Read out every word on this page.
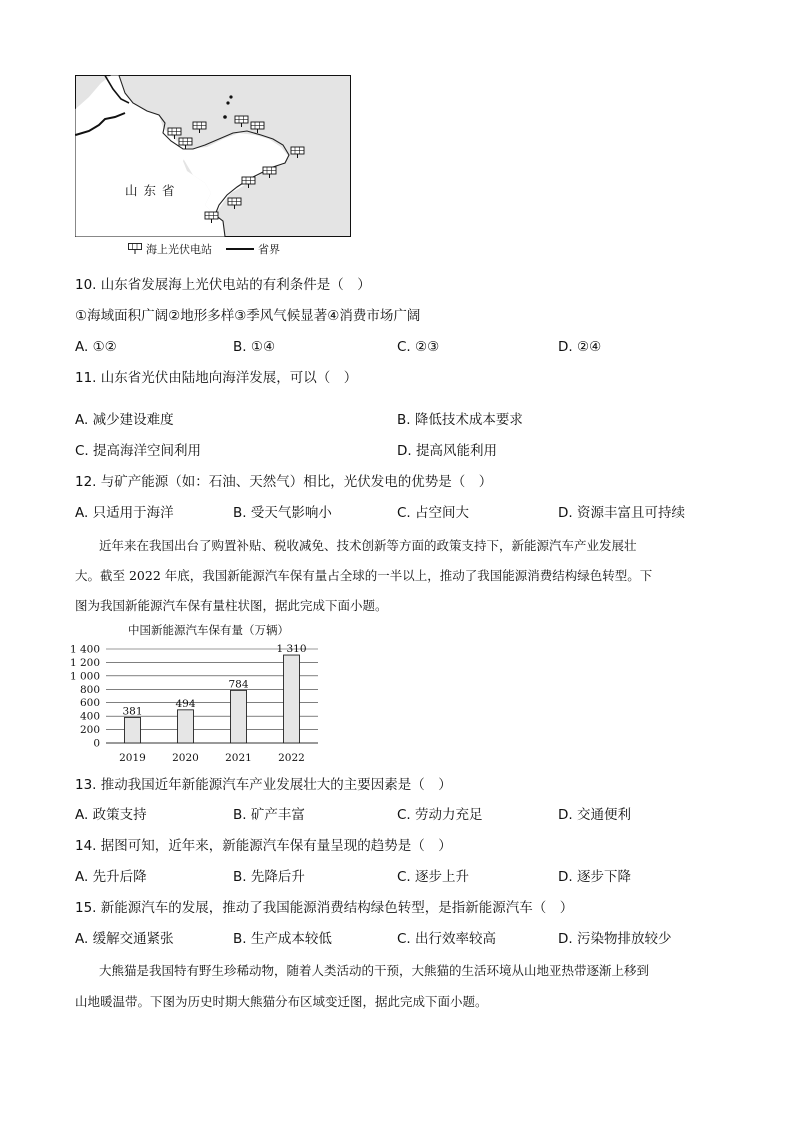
山 东 省
海上光伏电站	省界
10. 山东省发展海上光伏电站的有利条件是（　）
①海域面积广阔②地形多样③季风气候显著④消费市场广阔
A. ①②	B. ①④	C. ②③	D. ②④
11. 山东省光伏由陆地向海洋发展，可以（　）
A. 减少建设难度	B. 降低技术成本要求
C. 提高海洋空间利用	D. 提高风能利用
12. 与矿产能源（如：石油、天然气）相比，光伏发电的优势是（　）
A. 只适用于海洋	B. 受天气影响小	C. 占空间大	D. 资源丰富且可持续
近年来在我国出台了购置补贴、税收减免、技术创新等方面的政策支持下，新能源汽车产业发展壮
大。截至 2022 年底，我国新能源汽车保有量占全球的一半以上，推动了我国能源消费结构绿色转型。下
图为我国新能源汽车保有量柱状图，据此完成下面小题。
中国新能源汽车保有量（万辆）
0
200
400
600
800
1 000
1 200
1 400
381
2019
494
2020
784
2021
1 310
2022
13. 推动我国近年新能源汽车产业发展壮大的主要因素是（　）
A. 政策支持	B. 矿产丰富	C. 劳动力充足	D. 交通便利
14. 据图可知，近年来，新能源汽车保有量呈现的趋势是（　）
A. 先升后降	B. 先降后升	C. 逐步上升	D. 逐步下降
15. 新能源汽车的发展，推动了我国能源消费结构绿色转型，是指新能源汽车（　）
A. 缓解交通紧张	B. 生产成本较低	C. 出行效率较高	D. 污染物排放较少
大熊猫是我国特有野生珍稀动物，随着人类活动的干预，大熊猫的生活环境从山地亚热带逐渐上移到
山地暖温带。下图为历史时期大熊猫分布区域变迁图，据此完成下面小题。
